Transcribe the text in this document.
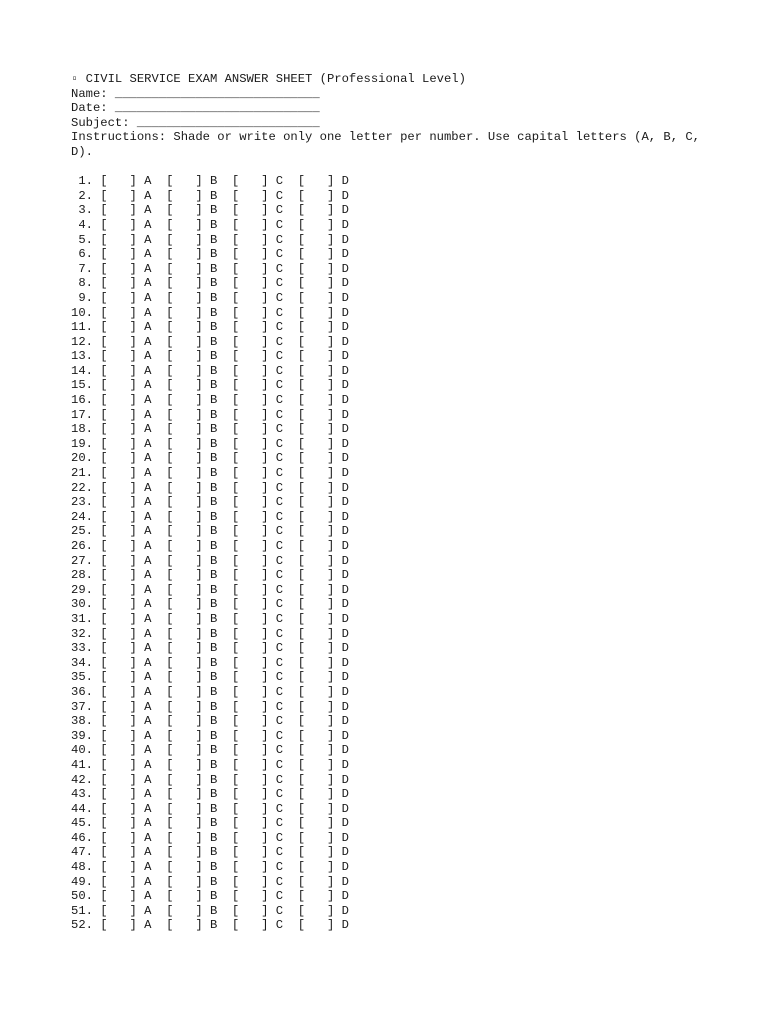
▫ CIVIL SERVICE EXAM ANSWER SHEET (Professional Level)
Name: ____________________________
Date: ____________________________
Subject: _________________________
Instructions: Shade or write only one letter per number. Use capital letters (A, B, C, D).
1. [   ] A  [   ] B  [   ] C  [   ] D
2. [   ] A  [   ] B  [   ] C  [   ] D
3. [   ] A  [   ] B  [   ] C  [   ] D
4. [   ] A  [   ] B  [   ] C  [   ] D
5. [   ] A  [   ] B  [   ] C  [   ] D
6. [   ] A  [   ] B  [   ] C  [   ] D
7. [   ] A  [   ] B  [   ] C  [   ] D
8. [   ] A  [   ] B  [   ] C  [   ] D
9. [   ] A  [   ] B  [   ] C  [   ] D
10. [   ] A  [   ] B  [   ] C  [   ] D
11. [   ] A  [   ] B  [   ] C  [   ] D
12. [   ] A  [   ] B  [   ] C  [   ] D
13. [   ] A  [   ] B  [   ] C  [   ] D
14. [   ] A  [   ] B  [   ] C  [   ] D
15. [   ] A  [   ] B  [   ] C  [   ] D
16. [   ] A  [   ] B  [   ] C  [   ] D
17. [   ] A  [   ] B  [   ] C  [   ] D
18. [   ] A  [   ] B  [   ] C  [   ] D
19. [   ] A  [   ] B  [   ] C  [   ] D
20. [   ] A  [   ] B  [   ] C  [   ] D
21. [   ] A  [   ] B  [   ] C  [   ] D
22. [   ] A  [   ] B  [   ] C  [   ] D
23. [   ] A  [   ] B  [   ] C  [   ] D
24. [   ] A  [   ] B  [   ] C  [   ] D
25. [   ] A  [   ] B  [   ] C  [   ] D
26. [   ] A  [   ] B  [   ] C  [   ] D
27. [   ] A  [   ] B  [   ] C  [   ] D
28. [   ] A  [   ] B  [   ] C  [   ] D
29. [   ] A  [   ] B  [   ] C  [   ] D
30. [   ] A  [   ] B  [   ] C  [   ] D
31. [   ] A  [   ] B  [   ] C  [   ] D
32. [   ] A  [   ] B  [   ] C  [   ] D
33. [   ] A  [   ] B  [   ] C  [   ] D
34. [   ] A  [   ] B  [   ] C  [   ] D
35. [   ] A  [   ] B  [   ] C  [   ] D
36. [   ] A  [   ] B  [   ] C  [   ] D
37. [   ] A  [   ] B  [   ] C  [   ] D
38. [   ] A  [   ] B  [   ] C  [   ] D
39. [   ] A  [   ] B  [   ] C  [   ] D
40. [   ] A  [   ] B  [   ] C  [   ] D
41. [   ] A  [   ] B  [   ] C  [   ] D
42. [   ] A  [   ] B  [   ] C  [   ] D
43. [   ] A  [   ] B  [   ] C  [   ] D
44. [   ] A  [   ] B  [   ] C  [   ] D
45. [   ] A  [   ] B  [   ] C  [   ] D
46. [   ] A  [   ] B  [   ] C  [   ] D
47. [   ] A  [   ] B  [   ] C  [   ] D
48. [   ] A  [   ] B  [   ] C  [   ] D
49. [   ] A  [   ] B  [   ] C  [   ] D
50. [   ] A  [   ] B  [   ] C  [   ] D
51. [   ] A  [   ] B  [   ] C  [   ] D
52. [   ] A  [   ] B  [   ] C  [   ] D
